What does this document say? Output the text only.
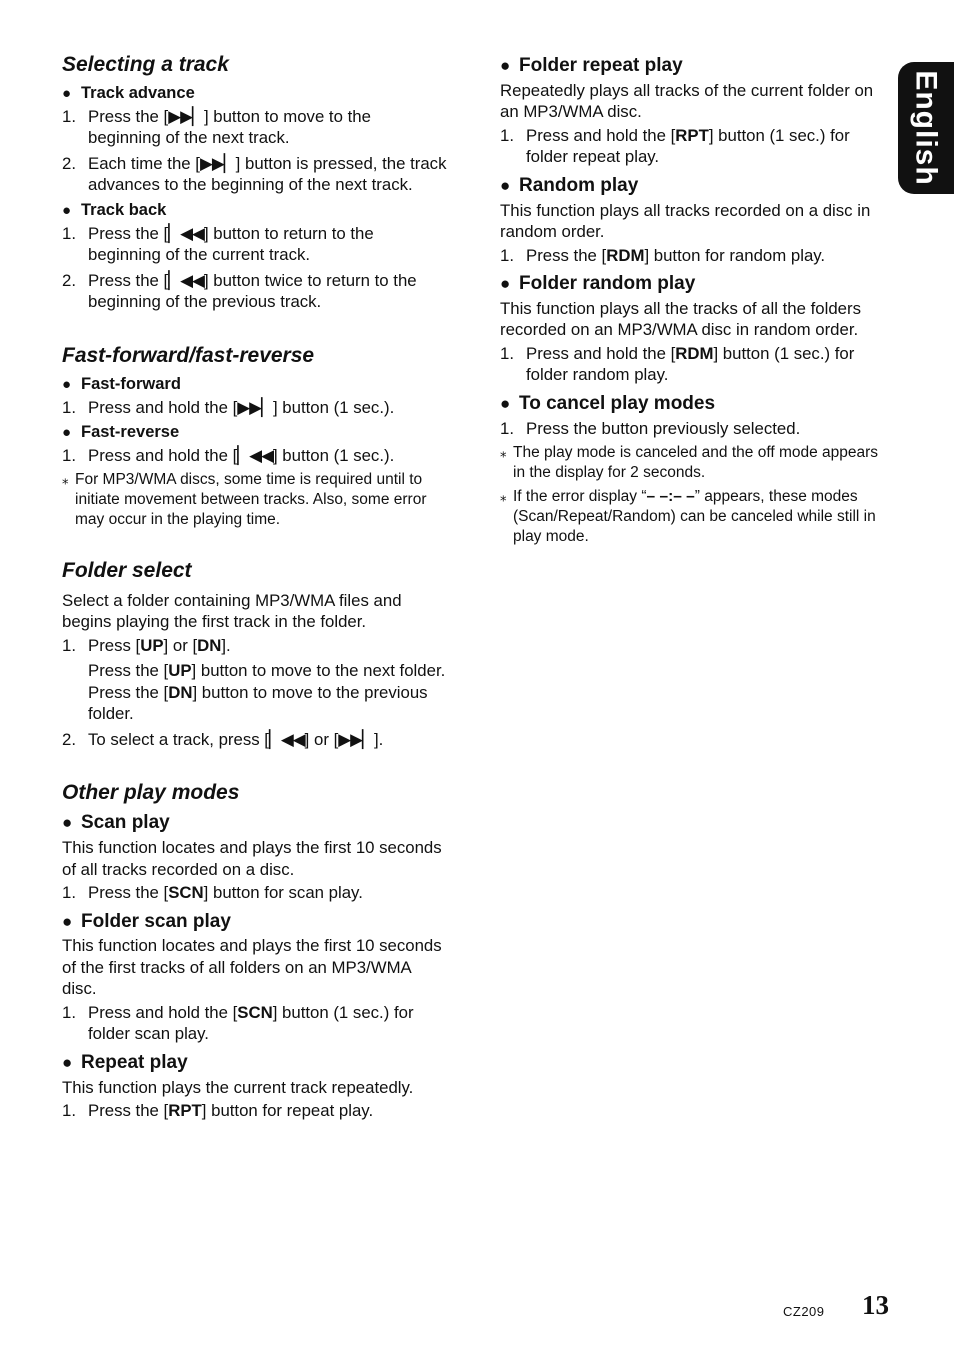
English
Selecting a track
● Track advance
1. Press the [▶▶▏] button to move to the beginning of the next track.
2. Each time the [▶▶▏] button is pressed, the track advances to the beginning of the next track.
● Track back
1. Press the [▏◀◀] button to return to the beginning of the current track.
2. Press the [▏◀◀] button twice to return to the beginning of the previous track.
Fast-forward/fast-reverse
● Fast-forward
1. Press and hold the [▶▶▏] button (1 sec.).
● Fast-reverse
1. Press and hold the [▏◀◀] button (1 sec.).
⁎ For MP3/WMA discs, some time is required until to initiate movement between tracks. Also, some error may occur in the playing time.
Folder select

Select a folder containing MP3/WMA files and begins playing the first track in the folder.

1. Press [UP] or [DN].

Press the [UP] button to move to the next folder. Press the [DN] button to move to the previous folder.

2. To select a track, press [▏◀◀] or [▶▶▏].
Other play modes
● Scan play

This function locates and plays the first 10 seconds of all tracks recorded on a disc.

1. Press the [SCN] button for scan play.
● Folder scan play

This function locates and plays the first 10 seconds of the first tracks of all folders on an MP3/WMA disc.

1. Press and hold the [SCN] button (1 sec.) for folder scan play.
● Repeat play

This function plays the current track repeatedly.

1. Press the [RPT] button for repeat play.
● Folder repeat play

Repeatedly plays all tracks of the current folder on an MP3/WMA disc.

1. Press and hold the [RPT] button (1 sec.) for folder repeat play.
● Random play

This function plays all tracks recorded on a disc in random order.

1. Press the [RDM] button for random play.
● Folder random play

This function plays all the tracks of all the folders recorded on an MP3/WMA disc in random order.

1. Press and hold the [RDM] button (1 sec.) for folder random play.
● To cancel play modes
1. Press the button previously selected.
⁎ The play mode is canceled and the off mode appears in the display for 2 seconds.
⁎ If the error display “– –:– –” appears, these modes (Scan/Repeat/Random) can be canceled while still in play mode.
CZ209 13
